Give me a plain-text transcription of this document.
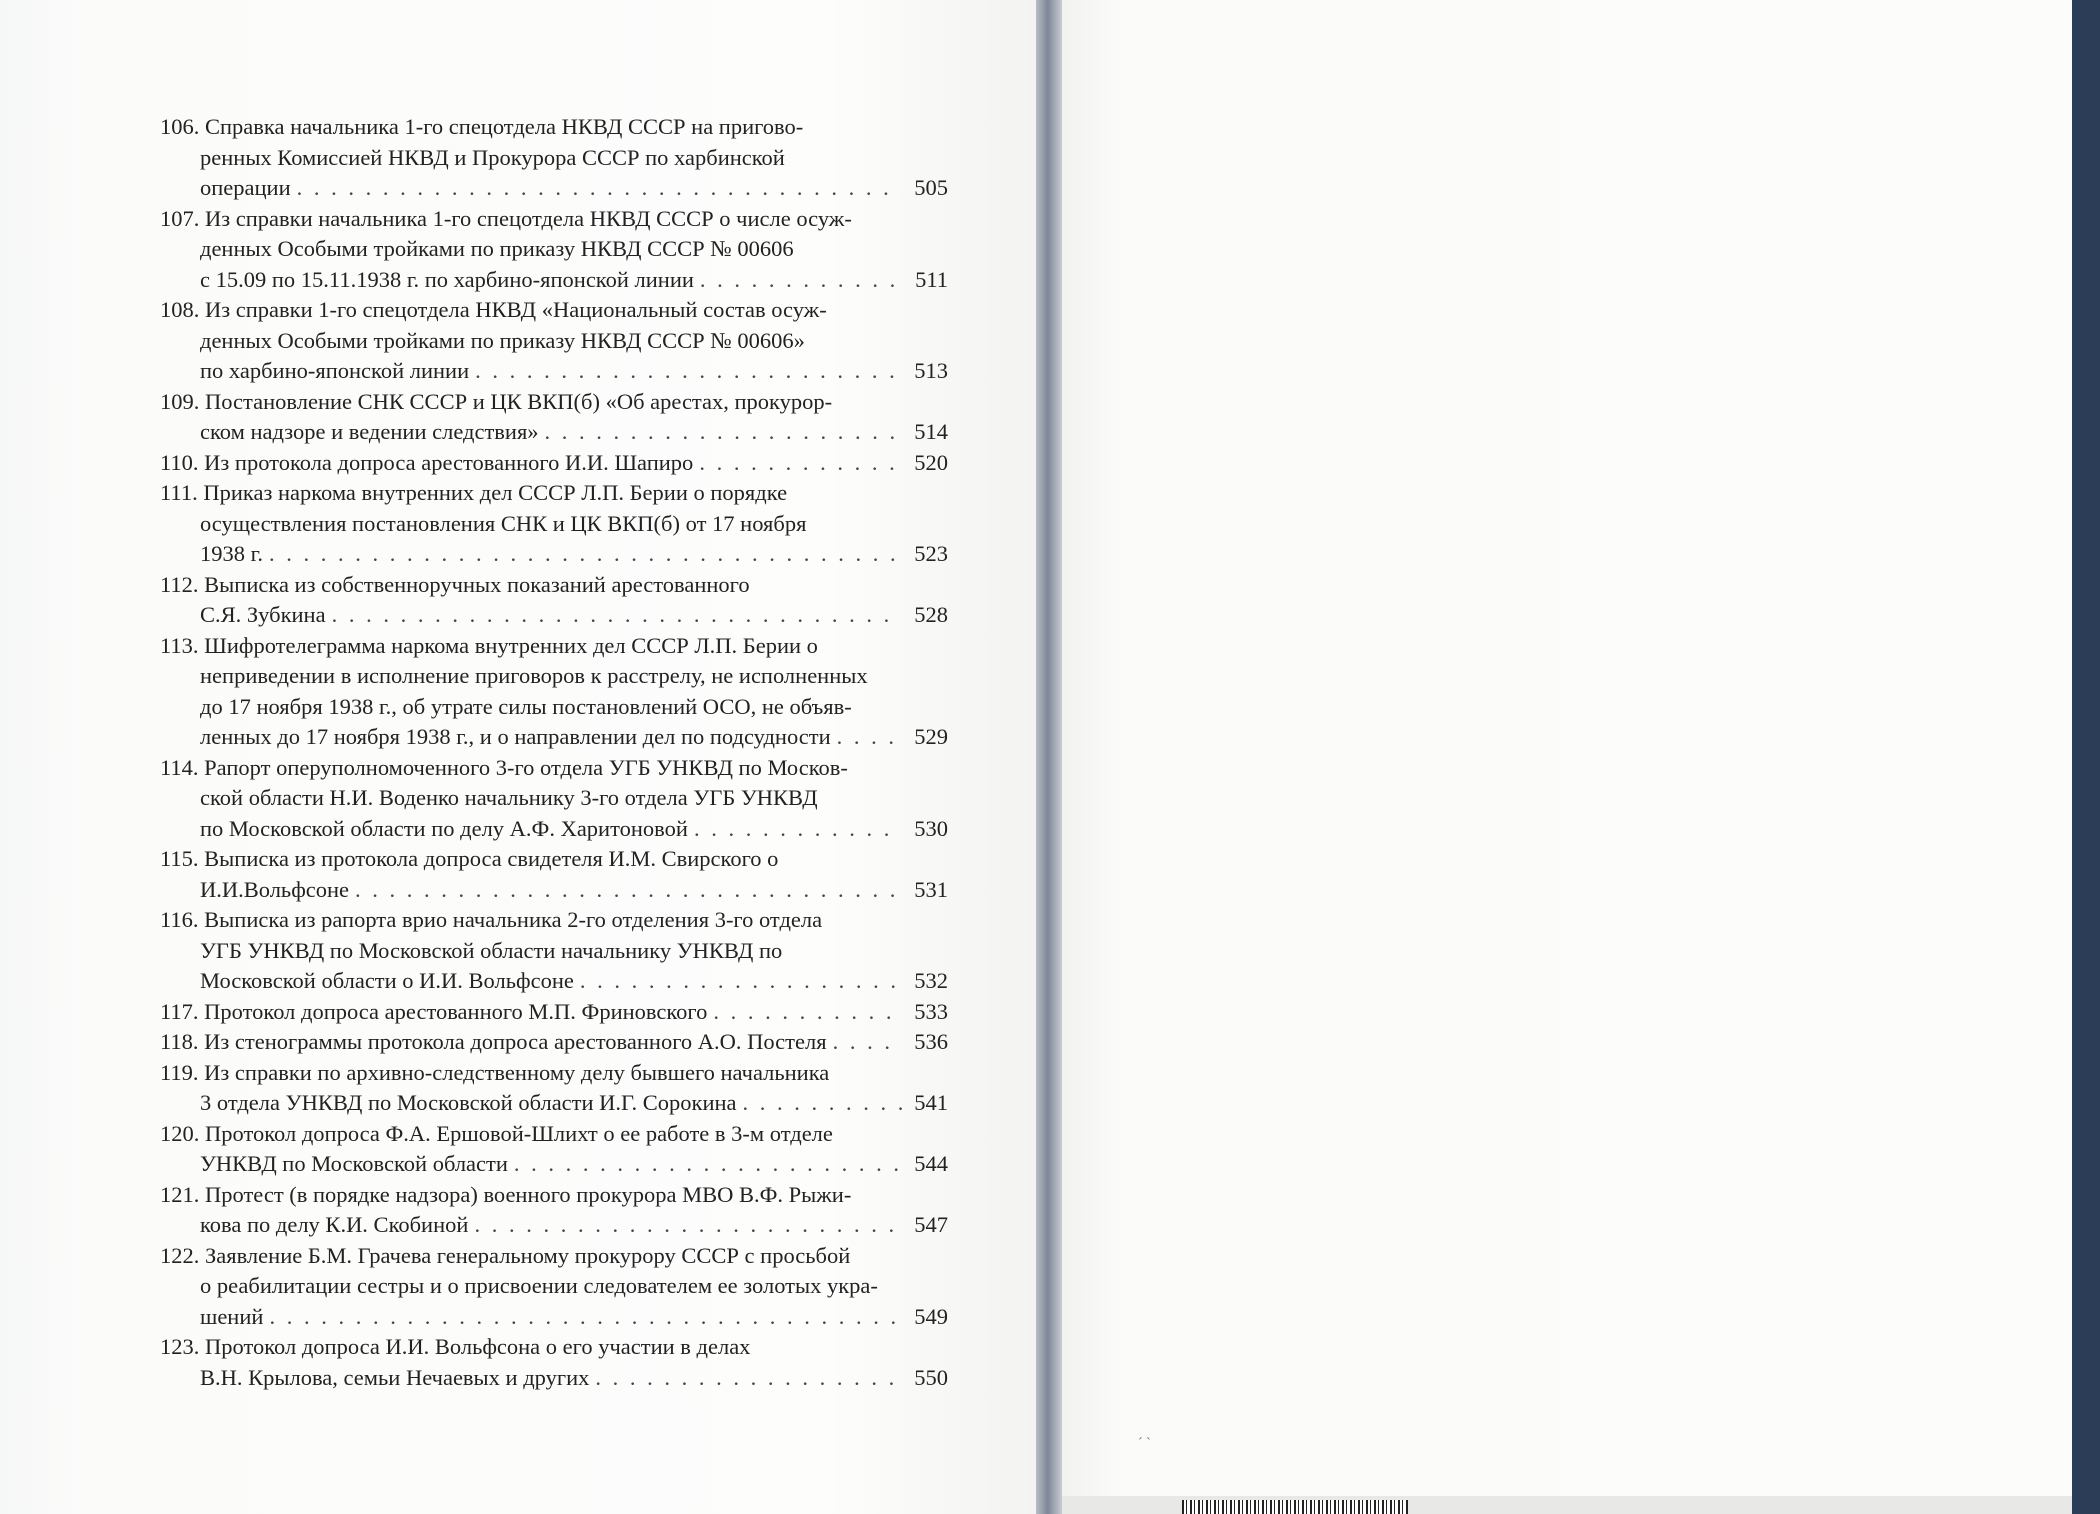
106. Справка начальника 1-го спецотдела НКВД СССР на пригово-
ренных Комиссией НКВД и Прокурора СССР по харбинской
операции . . .	505
107. Из справки начальника 1-го спецотдела НКВД СССР о числе осуж-
денных Особыми тройками по приказу НКВД СССР № 00606
с 15.09 по 15.11.1938 г. по харбино-японской линии . . .	511
108. Из справки 1-го спецотдела НКВД «Национальный состав осуж-
денных Особыми тройками по приказу НКВД СССР № 00606»
по харбино-японской линии . . .	513
109. Постановление СНК СССР и ЦК ВКП(б) «Об арестах, прокурор-
ском надзоре и ведении следствия» . . .	514
110. Из протокола допроса арестованного И.И. Шапиро . . .	520
111. Приказ наркома внутренних дел СССР Л.П. Берии о порядке
осуществления постановления СНК и ЦК ВКП(б) от 17 ноября
1938 г. . . .	523
112. Выписка из собственноручных показаний арестованного
С.Я. Зубкина . . .	528
113. Шифротелеграмма наркома внутренних дел СССР Л.П. Берии о
неприведении в исполнение приговоров к расстрелу, не исполненных
до 17 ноября 1938 г., об утрате силы постановлений ОСО, не объяв-
ленных до 17 ноября 1938 г., и о направлении дел по подсудности . . .	529
114. Рапорт оперуполномоченного 3-го отдела УГБ УНКВД по Москов-
ской области Н.И. Воденко начальнику 3-го отдела УГБ УНКВД
по Московской области по делу А.Ф. Харитоновой . . .	530
115. Выписка из протокола допроса свидетеля И.М. Свирского о
И.И.Вольфсоне . . .	531
116. Выписка из рапорта врио начальника 2-го отделения 3-го отдела
УГБ УНКВД по Московской области начальнику УНКВД по
Московской области о И.И. Вольфсоне . . .	532
117. Протокол допроса арестованного М.П. Фриновского . . .	533
118. Из стенограммы протокола допроса арестованного А.О. Постеля . . .	536
119. Из справки по архивно-следственному делу бывшего начальника
3 отдела УНКВД по Московской области И.Г. Сорокина . . .	541
120. Протокол допроса Ф.А. Ершовой-Шлихт о ее работе в 3-м отделе
УНКВД по Московской области . . .	544
121. Протест (в порядке надзора) военного прокурора МВО В.Ф. Рыжи-
кова по делу К.И. Скобиной . . .	547
122. Заявление Б.М. Грачева генеральному прокурору СССР с просьбой
о реабилитации сестры и о присвоении следователем ее золотых укра-
шений . . .	549
123. Протокол допроса И.И. Вольфсона о его участии в делах
В.Н. Крылова, семьи Нечаевых и других . . .	550
´ ˋ
